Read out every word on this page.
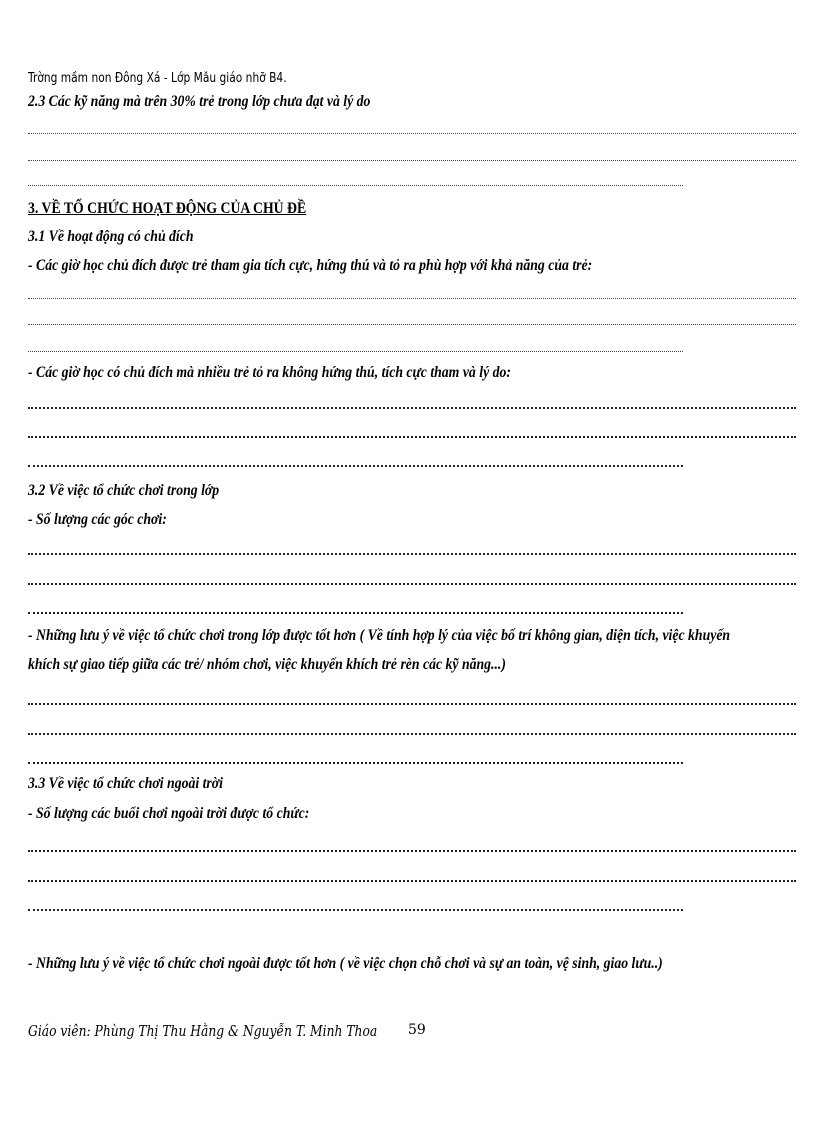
Trờng mầm non Đông Xá - Lớp Mẫu giáo nhỡ B4.
2.3 Các kỹ năng mà trên 30% trẻ trong lớp chưa đạt và lý do
3. VỀ TỔ CHỨC HOẠT ĐỘNG CỦA CHỦ ĐỀ
3.1 Về hoạt động có chủ đích
- Các giờ học chủ đích được trẻ tham gia tích cực, hứng thú và tỏ ra phù hợp với khả năng của trẻ:
- Các giờ học có chủ đích mà nhiều trẻ tỏ ra không hứng thú, tích cực tham và lý do:
3.2 Về việc tổ chức chơi trong lớp
- Số lượng các góc chơi:
- Những lưu ý về việc tổ chức chơi trong lớp được tốt hơn ( Về tính hợp lý của việc bố trí không gian, diện tích, việc khuyến
khích sự giao tiếp giữa các trẻ/ nhóm chơi, việc khuyến khích trẻ rèn các kỹ năng...)
3.3 Về việc tổ chức chơi ngoài trời
- Số lượng các buổi chơi ngoài trời được tổ chức:
- Những lưu ý về việc tổ chức chơi ngoài được tốt hơn ( về việc chọn chỗ chơi và sự an toàn, vệ sinh, giao lưu..)
Giáo viên: Phùng Thị Thu Hằng & Nguyễn T. Minh Thoa 59
